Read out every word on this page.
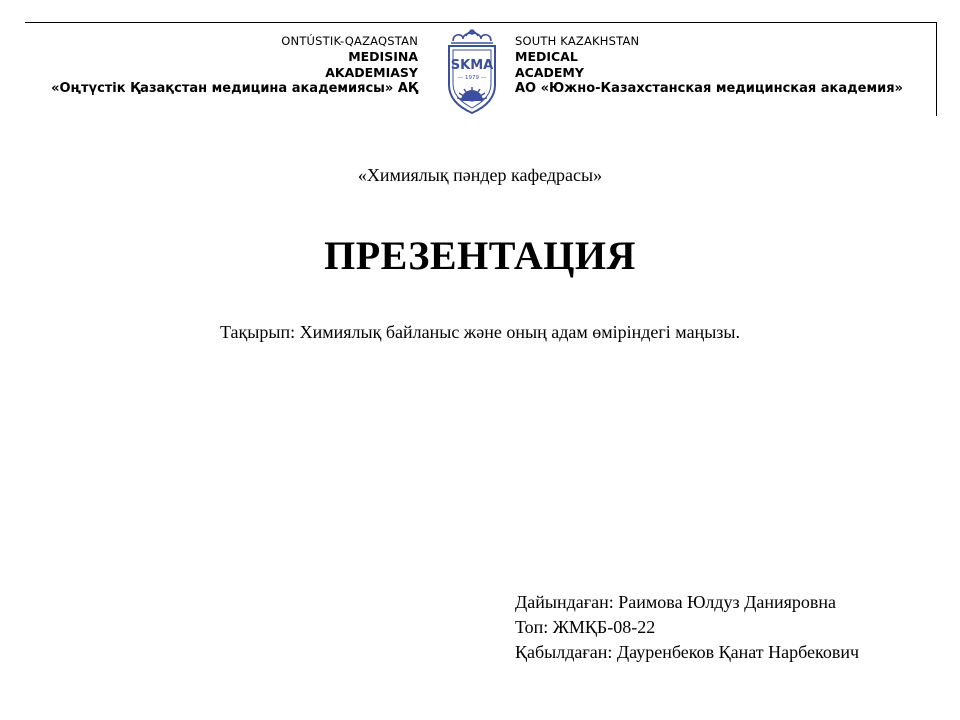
ONTÚSTIK-QAZAQSTAN
MEDISINA
AKADEMIASY
«Оңтүстік Қазақстан медицина академиясы» АҚ
SKMA
— 1979 —
SOUTH KAZAKHSTAN
MEDICAL
ACADEMY
АО «Южно-Казахстанская медицинская академия»
«Химиялық пәндер кафедрасы»
ПРЕЗЕНТАЦИЯ
Тақырып: Химиялық байланыс және оның адам өміріндегі маңызы.
Дайындаған: Раимова Юлдуз Данияровна
Топ: ЖМҚБ-08-22
Қабылдаған: Дауренбеков Қанат Нарбекович
